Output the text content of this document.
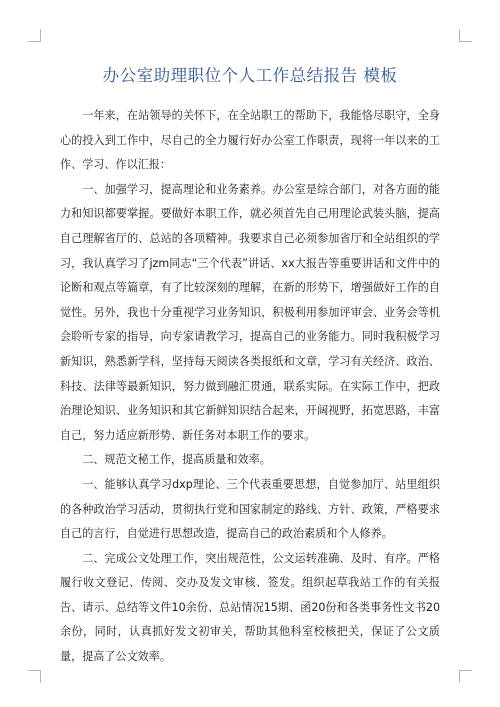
办公室助理职位个人工作总结报告 模板

一年来，在站领导的关怀下，在全站职工的帮助下，我能恪尽职守，全身心的投入到工作中，尽自己的全力履行好办公室工作职责，现将一年以来的工作、学习、作以汇报：

一、加强学习，提高理论和业务素养。办公室是综合部门，对各方面的能力和知识都要掌握。要做好本职工作，就必须首先自己用理论武装头脑，提高自己理解省厅的、总站的各项精神。我要求自己必须参加省厅和全站组织的学习，我认真学习了jzm同志“三个代表”讲话、xx大报告等重要讲话和文件中的论断和观点等篇章，有了比较深刻的理解，在新的形势下，增强做好工作的自觉性。另外，我也十分重视学习业务知识，积极利用参加评审会、业务会等机会聆听专家的指导，向专家请教学习，提高自己的业务能力。同时我积极学习新知识，熟悉新学科，坚持每天阅读各类报纸和文章，学习有关经济、政治、科技、法律等最新知识，努力做到融汇贯通，联系实际。在实际工作中，把政治理论知识、业务知识和其它新鲜知识结合起来，开阔视野，拓宽思路，丰富自己，努力适应新形势、新任务对本职工作的要求。

二、规范文秘工作，提高质量和效率。

一、能够认真学习dxp理论、三个代表重要思想，自觉参加厅、站里组织的各种政治学习活动，贯彻执行党和国家制定的路线、方针、政策，严格要求自己的言行，自觉进行思想改造，提高自己的政治素质和个人修养。

二、完成公文处理工作，突出规范性，公文运转准确、及时、有序。严格履行收文登记、传阅、交办及发文审核、签发。组织起草我站工作的有关报告、请示、总结等文件10余份、总站情况15期、函20份和各类事务性文书20余份，同时，认真抓好发文初审关，帮助其他科室校核把关，保证了公文质量，提高了公文效率。
